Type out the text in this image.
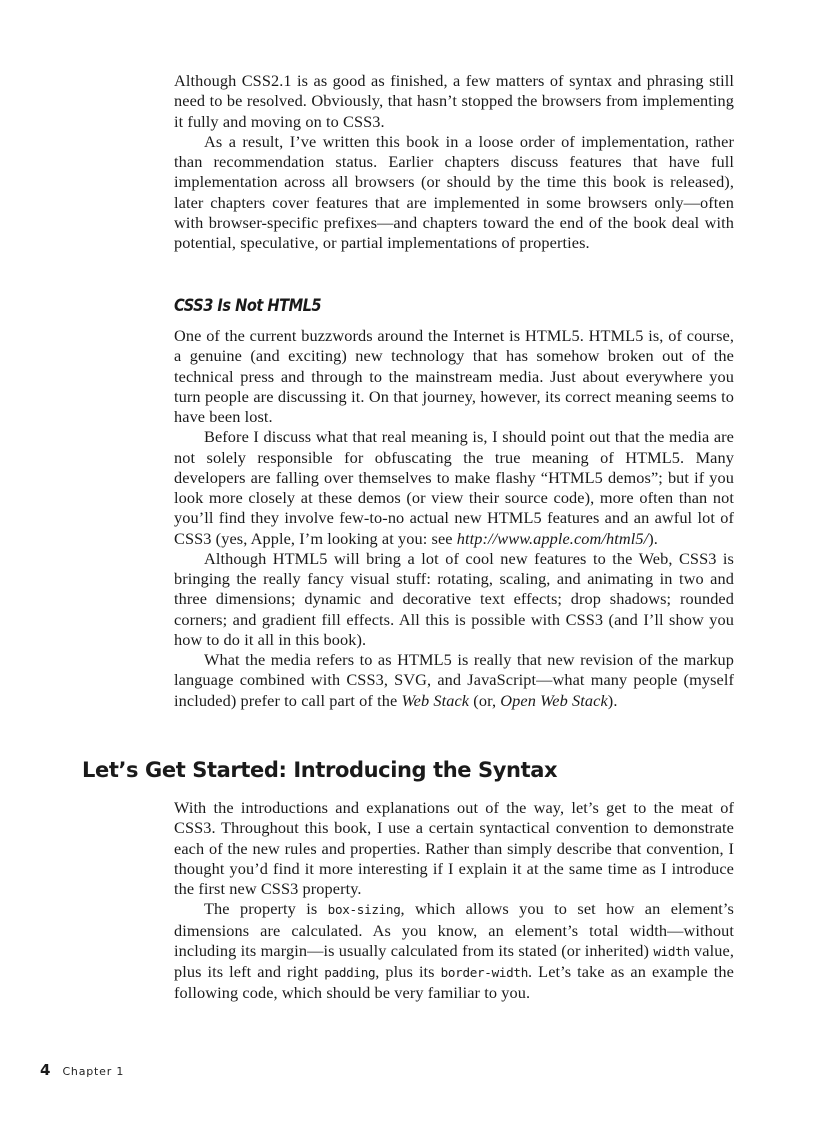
Although CSS2.1 is as good as finished, a few matters of syntax and phrasing still need to be resolved. Obviously, that hasn’t stopped the browsers from implementing it fully and moving on to CSS3.

As a result, I’ve written this book in a loose order of implementation, rather than recommendation status. Earlier chapters discuss features that have full implementation across all browsers (or should by the time this book is released), later chapters cover features that are implemented in some browsers only—often with browser-specific prefixes—and chapters toward the end of the book deal with potential, speculative, or partial implementations of properties.

CSS3 Is Not HTML5

One of the current buzzwords around the Internet is HTML5. HTML5 is, of course, a genuine (and exciting) new technology that has somehow broken out of the technical press and through to the mainstream media. Just about everywhere you turn people are discussing it. On that journey, however, its correct meaning seems to have been lost.

Before I discuss what that real meaning is, I should point out that the media are not solely responsible for obfuscating the true meaning of HTML5. Many developers are falling over themselves to make flashy “HTML5 demos”; but if you look more closely at these demos (or view their source code), more often than not you’ll find they involve few-to-no actual new HTML5 features and an awful lot of CSS3 (yes, Apple, I’m looking at you: see http://www.apple.com/html5/).

Although HTML5 will bring a lot of cool new features to the Web, CSS3 is bringing the really fancy visual stuff: rotating, scaling, and animating in two and three dimensions; dynamic and decorative text effects; drop shadows; rounded corners; and gradient fill effects. All this is possible with CSS3 (and I’ll show you how to do it all in this book).

What the media refers to as HTML5 is really that new revision of the markup language combined with CSS3, SVG, and JavaScript—what many people (myself included) prefer to call part of the Web Stack (or, Open Web Stack).

Let’s Get Started: Introducing the Syntax

With the introductions and explanations out of the way, let’s get to the meat of CSS3. Throughout this book, I use a certain syntactical convention to demonstrate each of the new rules and properties. Rather than simply describe that convention, I thought you’d find it more interesting if I explain it at the same time as I introduce the first new CSS3 property.

The property is box-sizing, which allows you to set how an element’s dimensions are calculated. As you know, an element’s total width—without including its margin—is usually calculated from its stated (or inherited) width value, plus its left and right padding, plus its border-width. Let’s take as an example the following code, which should be very familiar to you.

4 Chapter 1
